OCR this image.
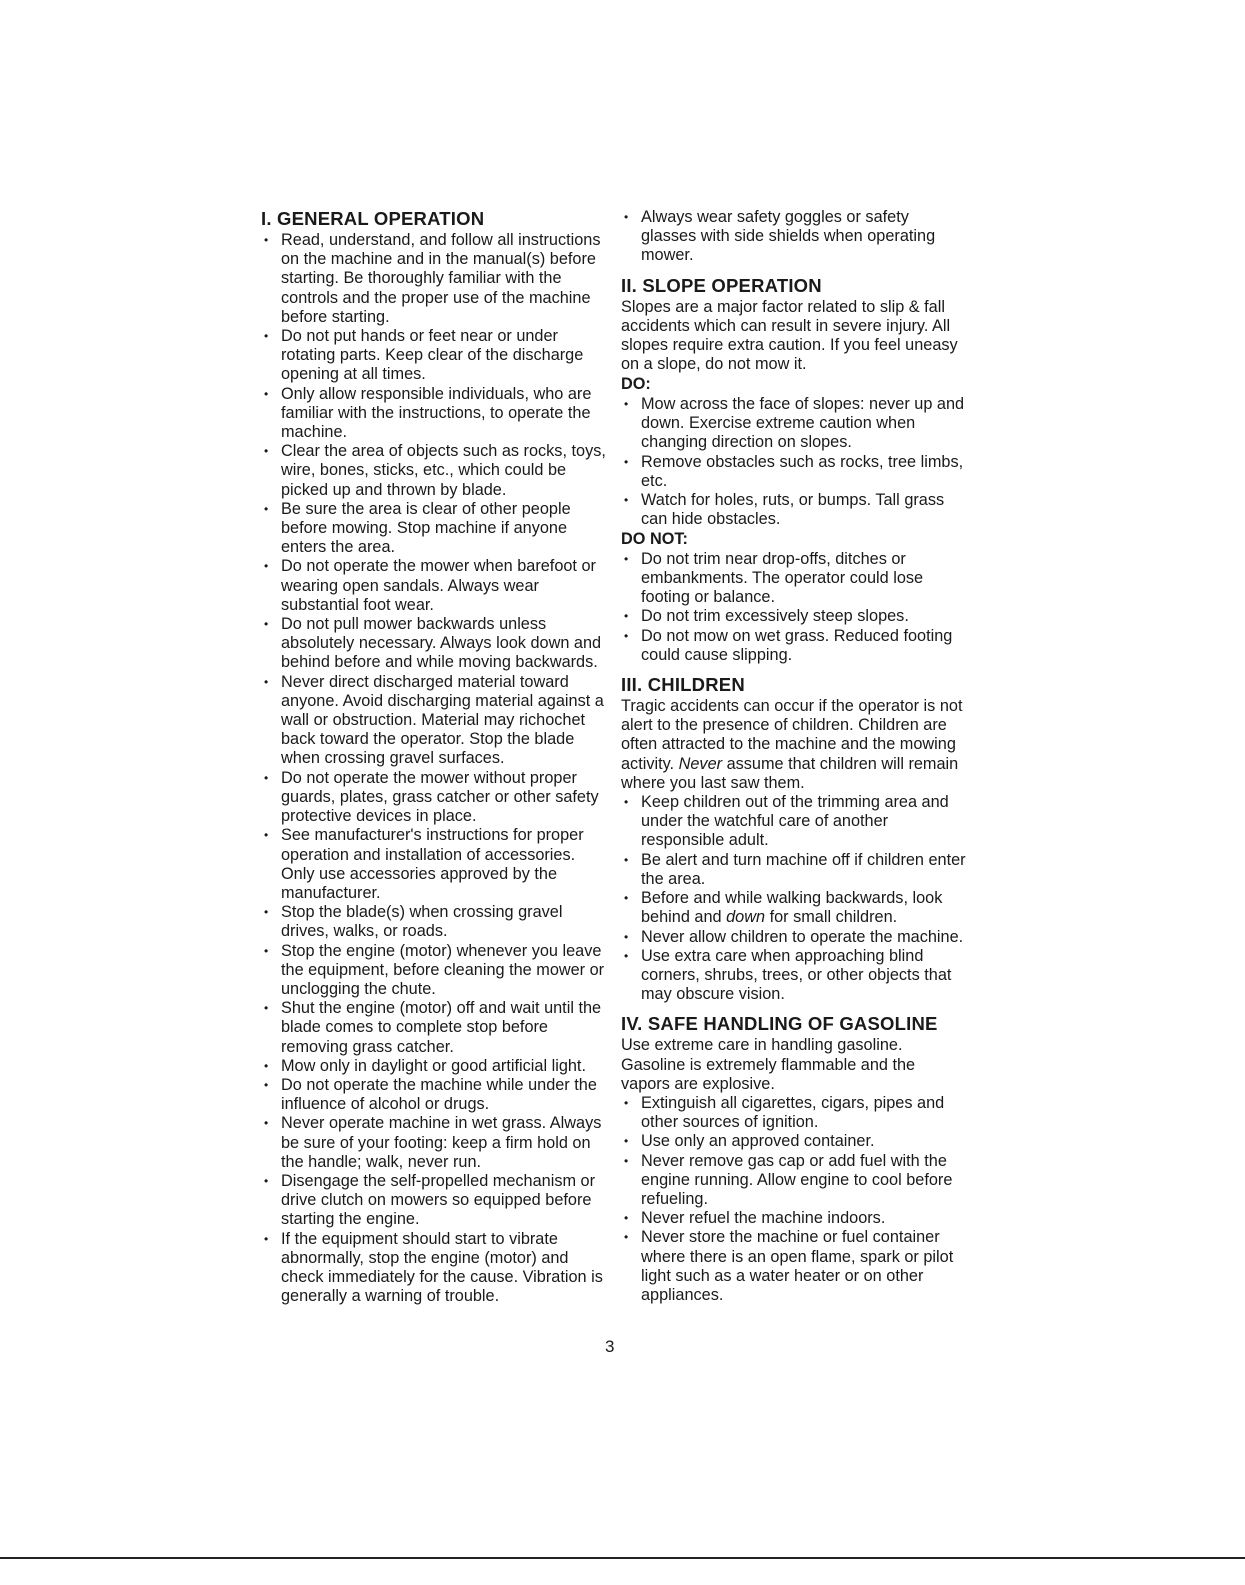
I. GENERAL OPERATION
• Read, understand, and follow all instructions on the machine and in the manual(s) before starting. Be thoroughly familiar with the controls and the proper use of the machine before starting.
• Do not put hands or feet near or under rotating parts. Keep clear of the discharge opening at all times.
• Only allow responsible individuals, who are familiar with the instructions, to operate the machine.
• Clear the area of objects such as rocks, toys, wire, bones, sticks, etc., which could be picked up and thrown by blade.
• Be sure the area is clear of other people before mowing. Stop machine if anyone enters the area.
• Do not operate the mower when barefoot or wearing open sandals. Always wear substantial foot wear.
• Do not pull mower backwards unless absolutely necessary. Always look down and behind before and while moving backwards.
• Never direct discharged material toward anyone. Avoid discharging material against a wall or obstruction. Material may richochet back toward the operator. Stop the blade when crossing gravel surfaces.
• Do not operate the mower without proper guards, plates, grass catcher or other safety protective devices in place.
• See manufacturer's instructions for proper operation and installation of accessories. Only use accessories approved by the manufacturer.
• Stop the blade(s) when crossing gravel drives, walks, or roads.
• Stop the engine (motor) whenever you leave the equipment, before cleaning the mower or unclogging the chute.
• Shut the engine (motor) off and wait until the blade comes to complete stop before removing grass catcher.
• Mow only in daylight or good artificial light.
• Do not operate the machine while under the influence of alcohol or drugs.
• Never operate machine in wet grass. Always be sure of your footing: keep a firm hold on the handle; walk, never run.
• Disengage the self-propelled mechanism or drive clutch on mowers so equipped before starting the engine.
• If the equipment should start to vibrate abnormally, stop the engine (motor) and check immediately for the cause. Vibration is generally a warning of trouble.
• Always wear safety goggles or safety glasses with side shields when operating mower.
II. SLOPE OPERATION

Slopes are a major factor related to slip & fall accidents which can result in severe injury. All slopes require extra caution. If you feel uneasy on a slope, do not mow it.

DO:
• Mow across the face of slopes: never up and down. Exercise extreme caution when changing direction on slopes.
• Remove obstacles such as rocks, tree limbs, etc.
• Watch for holes, ruts, or bumps. Tall grass can hide obstacles.
DO NOT:
• Do not trim near drop-offs, ditches or embankments. The operator could lose footing or balance.
• Do not trim excessively steep slopes.
• Do not mow on wet grass. Reduced footing could cause slipping.
III. CHILDREN

Tragic accidents can occur if the operator is not alert to the presence of children. Children are often attracted to the machine and the mowing activity. Never assume that children will remain where you last saw them.

• Keep children out of the trimming area and under the watchful care of another responsible adult.
• Be alert and turn machine off if children enter the area.
• Before and while walking backwards, look behind and down for small children.
• Never allow children to operate the machine.
• Use extra care when approaching blind corners, shrubs, trees, or other objects that may obscure vision.
IV. SAFE HANDLING OF GASOLINE

Use extreme care in handling gasoline. Gasoline is extremely flammable and the vapors are explosive.

• Extinguish all cigarettes, cigars, pipes and other sources of ignition.
• Use only an approved container.
• Never remove gas cap or add fuel with the engine running. Allow engine to cool before refueling.
• Never refuel the machine indoors.
• Never store the machine or fuel container where there is an open flame, spark or pilot light such as a water heater or on other appliances.
3
